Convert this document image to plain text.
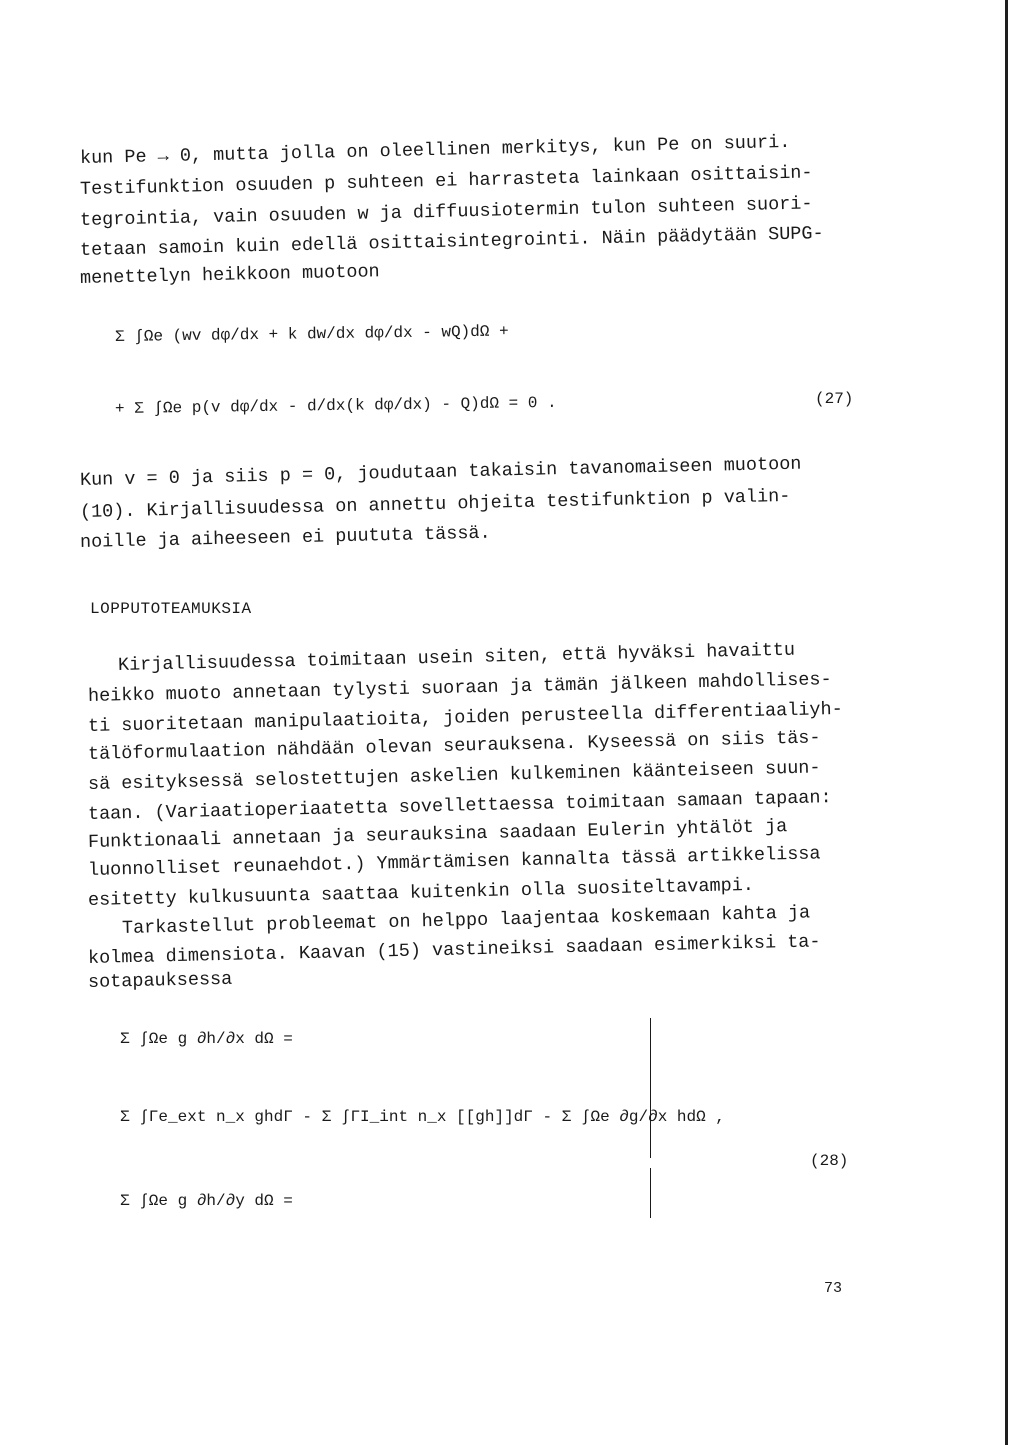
kun Pe → 0, mutta jolla on oleellinen merkitys, kun Pe on suuri.
Testifunktion osuuden p suhteen ei harrasteta lainkaan osittaisin-
tegrointia, vain osuuden w ja diffuusiotermin tulon suhteen suori-
tetaan samoin kuin edellä osittaisintegrointi. Näin päädytään SUPG-
menettelyn heikkoon muotoon
Σ ∫Ωe (wv dφ/dx + k dw/dx dφ/dx - wQ)dΩ +
+ Σ ∫Ωe p(v dφ/dx - d/dx(k dφ/dx) - Q)dΩ = 0 .	(27)
Kun v = 0 ja siis p = 0, joudutaan takaisin tavanomaiseen muotoon
(10). Kirjallisuudessa on annettu ohjeita testifunktion p valin-
noille ja aiheeseen ei puututa tässä.
LOPPUTOTEAMUKSIA
Kirjallisuudessa toimitaan usein siten, että hyväksi havaittu
heikko muoto annetaan tylysti suoraan ja tämän jälkeen mahdollises-
ti suoritetaan manipulaatioita, joiden perusteella differentiaaliyh-
tälöformulaation nähdään olevan seurauksena. Kyseessä on siis täs-
sä esityksessä selostettujen askelien kulkeminen käänteiseen suun-
taan. (Variaatioperiaatetta sovellettaessa toimitaan samaan tapaan:
Funktionaali annetaan ja seurauksina saadaan Eulerin yhtälöt ja
luonnolliset reunaehdot.) Ymmärtämisen kannalta tässä artikkelissa
esitetty kulkusuunta saattaa kuitenkin olla suositeltavampi.
Tarkastellut probleemat on helppo laajentaa koskemaan kahta ja
kolmea dimensiota. Kaavan (15) vastineiksi saadaan esimerkiksi ta-
sotapauksessa
Σ ∫Ωe g ∂h/∂x dΩ =
Σ ∫Γe_ext n_x ghdΓ - Σ ∫ΓI_int n_x [[gh]]dΓ - Σ ∫Ωe ∂g/∂x hdΩ ,
Σ ∫Ωe g ∂h/∂y dΩ =
(28)
73
